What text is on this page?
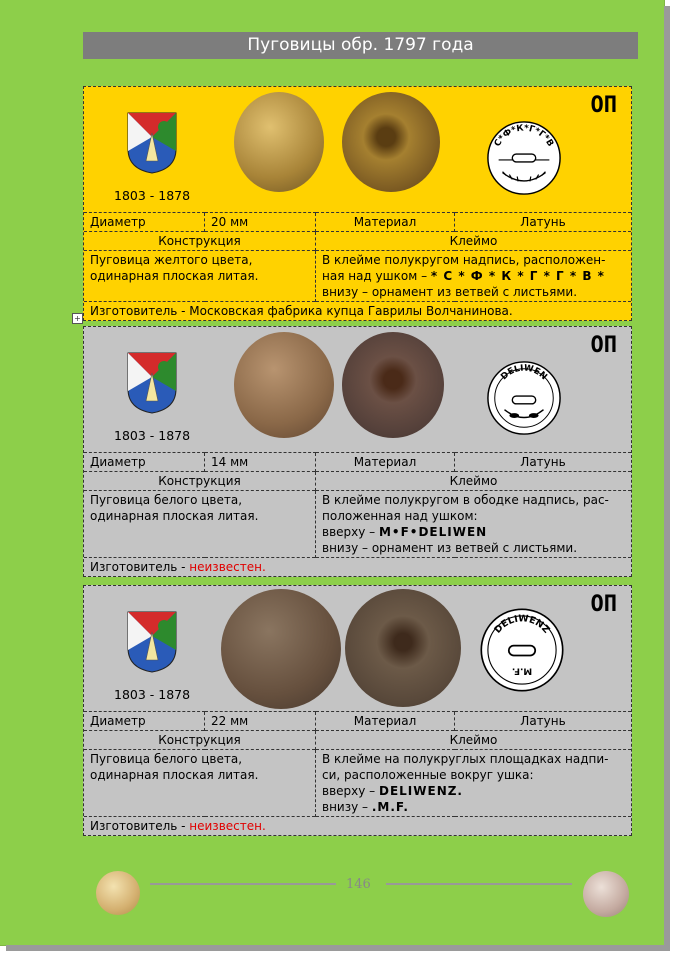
Пуговицы обр. 1797 года
1803 - 1878
С*Ф*К*Г*Г*В
ОП
Диаметр	20 мм	Материал	Латунь
Конструкция		Клеймо	
Пуговица желтого цвета, одинарная плоская литая.		В клейме полукругом надпись, расположен-
ная над ушком – * С * Ф * К * Г * Г * В *
внизу – орнамент из ветвей с листьями.	
Изготовитель - Московская фабрика купца Гаврилы Волчанинова.			
+
1803 - 1878
DELIWEN
ОП
Диаметр	14 мм	Материал	Латунь
Конструкция		Клеймо	
Пуговица белого цвета, одинарная плоская литая.		В клейме полукругом в ободке надпись, рас-
положенная над ушком:
вверху – M•F•DELIWEN
внизу – орнамент из ветвей с листьями.	
Изготовитель - неизвестен.			
1803 - 1878
DELIWENZ
M.F.
ОП
Диаметр	22 мм	Материал	Латунь
Конструкция		Клеймо	
Пуговица белого цвета, одинарная плоская литая.		В клейме на полукруглых площадках надпи-
си, расположенные вокруг ушка:
вверху – DELIWENZ.
внизу – .M.F.	
Изготовитель - неизвестен.			
146
